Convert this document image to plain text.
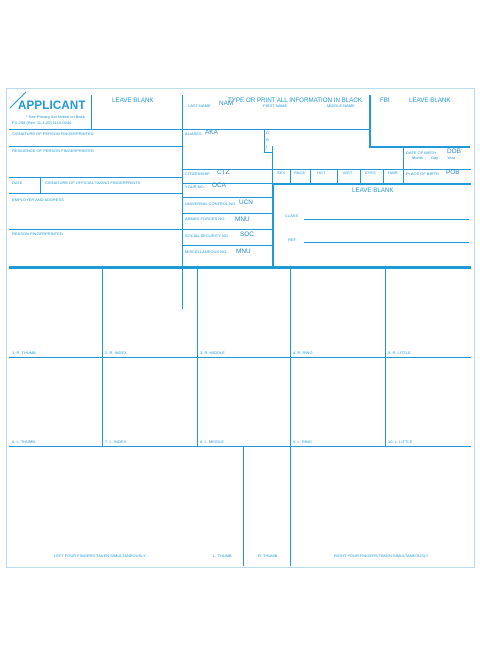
APPLICANT
* See Privacy Act Notice on Back
FD-258 (Rev. 11-1-20) 1110-0046
LEAVE BLANK	TYPE OR PRINT ALL INFORMATION IN BLACK
LAST NAME NAM	FIRST NAME	MIDDLE NAME
FBI	LEAVE BLANK
SIGNATURE OF PERSON FINGERPRINTED	ALIASES AKA	O
R
I
RESIDENCE OF PERSON FINGERPRINTED	DATE OF BIRTH DOB
Month Day Year
CITIZENSHIP CTZ	SEX RACE	HGT.	WGT.	EYES	HAIR PLACE OF BIRTH POB
DATE	SIGNATURE OF OFFICIAL TAKING FINGERPRINTS
YOUR NO. OCA
LEAVE BLANK
EMPLOYER AND ADDRESS
UNIVERSAL CONTROL NO. UCN
CLASS
ARMED FORCES NO. MNU
REASON FINGERPRINTED	SOCIAL SECURITY NO. SOC
REF.
MISCELLANEOUS NO. MNU
1. R. THUMB	2. R. INDEX	3. R. MIDDLE	4. R. RING	5. R. LITTLE
6. L. THUMB	7. L. INDEX	8. L. MIDDLE	9. L. RING	10. L. LITTLE
LEFT FOUR FINGERS TAKEN SIMULTANEOUSLY	L. THUMB	R. THUMB	RIGHT FOUR FINGERS TAKEN SIMULTANEOUSLY
